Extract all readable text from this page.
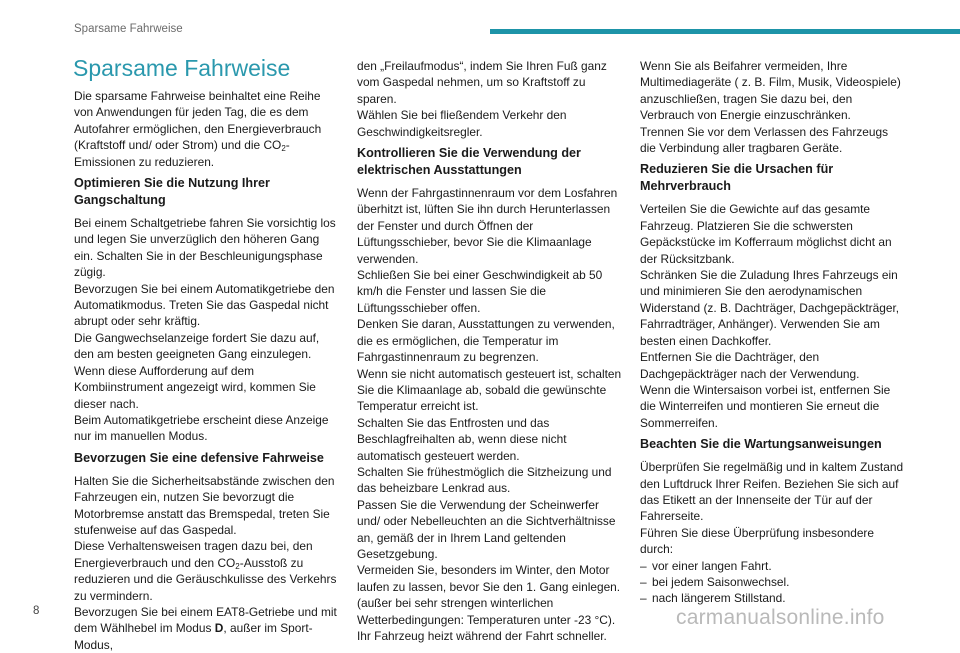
Sparsame Fahrweise
Sparsame Fahrweise

Die sparsame Fahrweise beinhaltet eine Reihe von Anwendungen für jeden Tag, die es dem Autofahrer ermöglichen, den Energieverbrauch (Kraftstoff und/ oder Strom) und die $CO_2$-Emissionen zu reduzieren.

Optimieren Sie die Nutzung Ihrer Gangschaltung

Bei einem Schaltgetriebe fahren Sie vorsichtig los und legen Sie unverzüglich den höheren Gang ein. Schalten Sie in der Beschleunigungsphase zügig.
Bevorzugen Sie bei einem Automatikgetriebe den Automatikmodus. Treten Sie das Gaspedal nicht abrupt oder sehr kräftig.
Die Gangwechselanzeige fordert Sie dazu auf, den am besten geeigneten Gang einzulegen. Wenn diese Aufforderung auf dem Kombiinstrument angezeigt wird, kommen Sie dieser nach.
Beim Automatikgetriebe erscheint diese Anzeige nur im manuellen Modus.

Bevorzugen Sie eine defensive Fahrweise

Halten Sie die Sicherheitsabstände zwischen den Fahrzeugen ein, nutzen Sie bevorzugt die Motorbremse anstatt das Bremspedal, treten Sie stufenweise auf das Gaspedal.
Diese Verhaltensweisen tragen dazu bei, den Energieverbrauch und den $CO_2$-Ausstoß zu reduzieren und die Geräuschkulisse des Verkehrs zu vermindern.
Bevorzugen Sie bei einem EAT8-Getriebe und mit dem Wählhebel im Modus D, außer im Sport-Modus,

den „Freilaufmodus“, indem Sie Ihren Fuß ganz vom Gaspedal nehmen, um so Kraftstoff zu sparen.
Wählen Sie bei fließendem Verkehr den Geschwindigkeitsregler.

Kontrollieren Sie die Verwendung der elektrischen Ausstattungen

Wenn der Fahrgastinnenraum vor dem Losfahren überhitzt ist, lüften Sie ihn durch Herunterlassen der Fenster und durch Öffnen der Lüftungsschieber, bevor Sie die Klimaanlage verwenden.
Schließen Sie bei einer Geschwindigkeit ab 50 km/h die Fenster und lassen Sie die Lüftungsschieber offen.
Denken Sie daran, Ausstattungen zu verwenden, die es ermöglichen, die Temperatur im Fahrgastinnenraum zu begrenzen.
Wenn sie nicht automatisch gesteuert ist, schalten Sie die Klimaanlage ab, sobald die gewünschte Temperatur erreicht ist.
Schalten Sie das Entfrosten und das Beschlagfreihalten ab, wenn diese nicht automatisch gesteuert werden.
Schalten Sie frühestmöglich die Sitzheizung und das beheizbare Lenkrad aus.
Passen Sie die Verwendung der Scheinwerfer und/ oder Nebelleuchten an die Sichtverhältnisse an, gemäß der in Ihrem Land geltenden Gesetzgebung.
Vermeiden Sie, besonders im Winter, den Motor laufen zu lassen, bevor Sie den 1. Gang einlegen.(außer bei sehr strengen winterlichen Wetterbedingungen: Temperaturen unter -23 °C). Ihr Fahrzeug heizt während der Fahrt schneller.

Wenn Sie als Beifahrer vermeiden, Ihre Multimediageräte ( z. B. Film, Musik, Videospiele) anzuschließen, tragen Sie dazu bei, den Verbrauch von Energie einzuschränken.
Trennen Sie vor dem Verlassen des Fahrzeugs die Verbindung aller tragbaren Geräte.

Reduzieren Sie die Ursachen für Mehrverbrauch

Verteilen Sie die Gewichte auf das gesamte Fahrzeug. Platzieren Sie die schwersten Gepäckstücke im Kofferraum möglichst dicht an der Rücksitzbank.
Schränken Sie die Zuladung Ihres Fahrzeugs ein und minimieren Sie den aerodynamischen Widerstand (z. B. Dachträger, Dachgepäckträger, Fahrradträger, Anhänger). Verwenden Sie am besten einen Dachkoffer.
Entfernen Sie die Dachträger, den Dachgepäckträger nach der Verwendung.
Wenn die Wintersaison vorbei ist, entfernen Sie die Winterreifen und montieren Sie erneut die Sommerreifen.

Beachten Sie die Wartungsanweisungen

Überprüfen Sie regelmäßig und in kaltem Zustand den Luftdruck Ihrer Reifen. Beziehen Sie sich auf das Etikett an der Innenseite der Tür auf der Fahrerseite.
Führen Sie diese Überprüfung insbesondere durch:

– vor einer langen Fahrt.
– bei jedem Saisonwechsel.
– nach längerem Stillstand.
8	carmanualsonline.info
